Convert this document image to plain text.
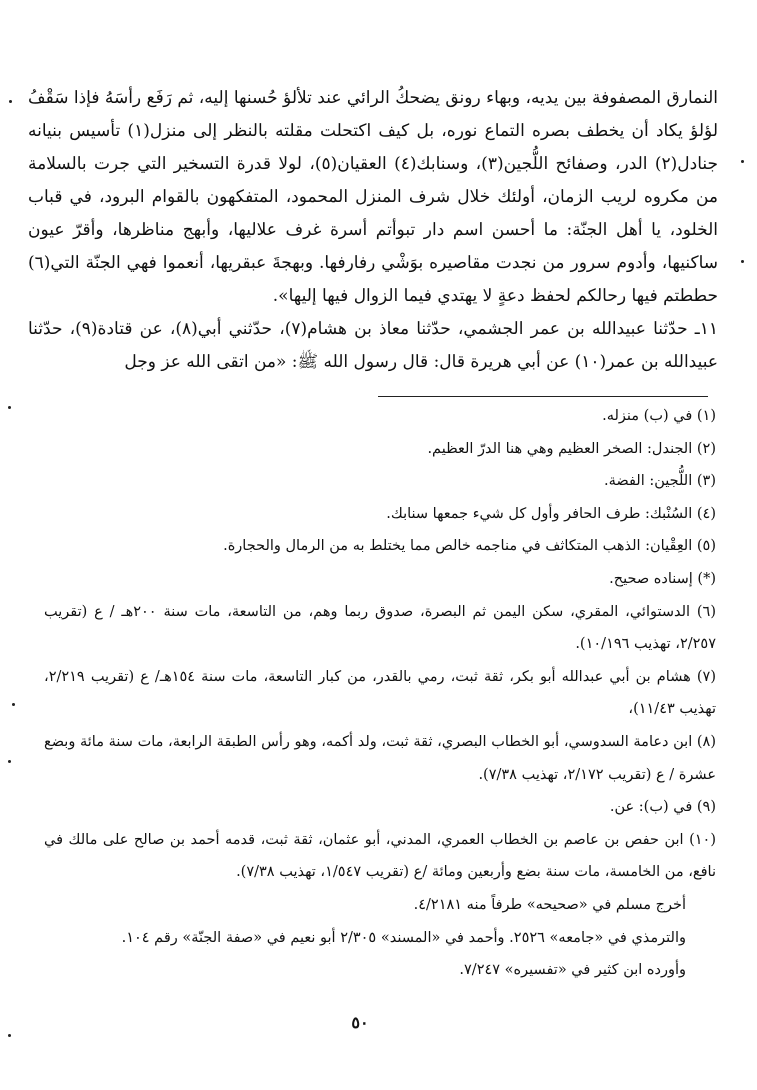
النمارق المصفوفة بين يديه، وبهاء رونق يضحكُ الرائي عند تلألؤ حُسنها إليه، ثم رَفَع رأسَهُ فإذا سَقْفُ لؤلؤ يكاد أن يخطف بصره التماع نوره، بل كيف اكتحلت مقلته بالنظر إلى منزل(١) تأسيس بنيانه جنادل(٢) الدر، وصفائح اللُّجين(٣)، وسنابك(٤) العقيان(٥)، لولا قدرة التسخير التي جرت بالسلامة من مكروه لريب الزمان، أولئك خلال شرف المنزل المحمود، المتفكهون بالقوام البرود، في قباب الخلود، يا أهل الجنّة: ما أحسن اسم دار تبوأتم أسرة غرف علاليها، وأبهج مناظرها، وأقرّ عيون ساكنيها، وأدوم سرور من نجدت مقاصيره بوَشْي رفارفها. وبهجةَ عبقريها، أنعموا فهي الجنّة التي(٦) حططتم فيها رحالكم لحفظ دعةٍ لا يهتدي فيما الزوال فيها إليها».

١١ـ حدّثنا عبيدالله بن عمر الجشمي، حدّثنا معاذ بن هشام(٧)، حدّثني أبي(٨)، عن قتادة(٩)، حدّثنا عبيدالله بن عمر(١٠) عن أبي هريرة قال: قال رسول الله ﷺ: «من اتقى الله عز وجل

(١) في (ب) منزله.

(٢) الجندل: الصخر العظيم وهي هنا الدرّ العظيم.

(٣) اللُّجين: الفضة.

(٤) السُنْبك: طرف الحافر وأول كل شيء جمعها سنابك.

(٥) العِقْيان: الذهب المتكاثف في مناجمه خالص مما يختلط به من الرمال والحجارة.

(*) إسناده صحيح.

(٦) الدستوائي، المقري، سكن اليمن ثم البصرة، صدوق ربما وهم، من التاسعة، مات سنة ٢٠٠هـ / ع (تقريب ٢/٢٥٧، تهذيب ١٠/١٩٦).

(٧) هشام بن أبي عبدالله أبو بكر، ثقة ثبت، رمي بالقدر، من كبار التاسعة، مات سنة ١٥٤هـ/ ع (تقريب ٢/٢١٩، تهذيب ١١/٤٣)،

(٨) ابن دعامة السدوسي، أبو الخطاب البصري، ثقة ثبت، ولد أكمه، وهو رأس الطبقة الرابعة، مات سنة مائة وبضع عشرة / ع (تقريب ٢/١٧٢، تهذيب ٧/٣٨).

(٩) في (ب): عن.

(١٠) ابن حفص بن عاصم بن الخطاب العمري، المدني، أبو عثمان، ثقة ثبت، قدمه أحمد بن صالح على مالك في نافع، من الخامسة، مات سنة بضع وأربعين ومائة /ع (تقريب ١/٥٤٧، تهذيب ٧/٣٨).

أخرج مسلم في «صحيحه» طرفاً منه ٤/٢١٨١.

والترمذي في «جامعه» ٢٥٢٦. وأحمد في «المسند» ٢/٣٠٥ أبو نعيم في «صفة الجنّة» رقم ١٠٤.

وأورده ابن كثير في «تفسيره» ٧/٢٤٧.

٥٠
